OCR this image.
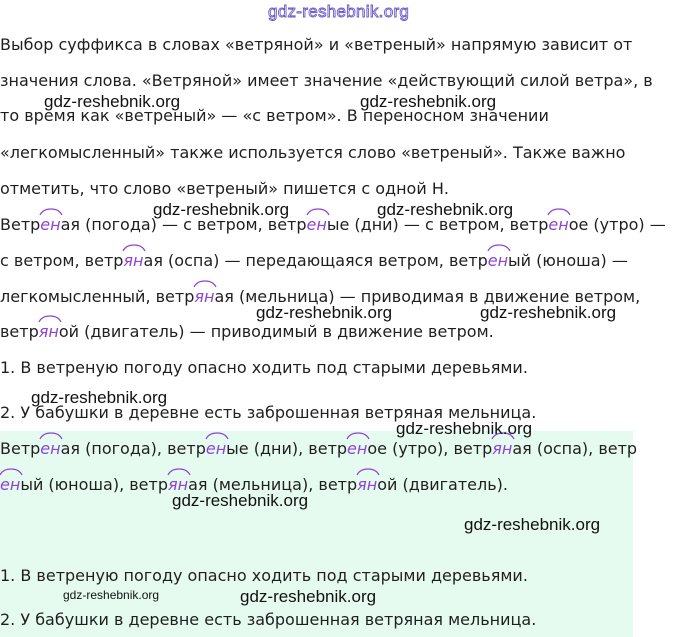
gdz-reshebnik.org
Выбор суффикса в словах «ветряной» и «ветреный» напрямую зависит от
значения слова. «Ветряной» имеет значение «действующий силой ветра», в
то время как «ветреный» — «с ветром». В переносном значении
«легкомысленный» также используется слово «ветреный». Также важно
отметить, что слово «ветреный» пишется с одной Н.
Ветрен
ая (погода) — с ветром, ветрен
ые (дни) — с ветром, ветрен
ое (утро) —
с ветром, ветрян
ая (оспа) — передающаяся ветром, ветрен
ый (юноша) —
легкомысленный, ветрян
ая (мельница) — приводимая в движение ветром,
ветрян
ой (двигатель) — приводимый в движение ветром.
1. В ветреную погоду опасно ходить под старыми деревьями.
2. У бабушки в деревне есть заброшенная ветряная мельница.
Ветрен
ая (погода), ветрен
ые (дни), ветрен
ое (утро), ветрян
ая (оспа), ветр
ен
ый (юноша), ветрян
ая (мельница), ветрян
ой (двигатель).
1. В ветреную погоду опасно ходить под старыми деревьями.
2. У бабушки в деревне есть заброшенная ветряная мельница.
gdz-reshebnik.org	gdz-reshebnik.org
gdz-reshebnik.org	gdz-reshebnik.org
gdz-reshebnik.org	gdz-reshebnik.org
gdz-reshebnik.org
gdz-reshebnik.org
gdz-reshebnik.org
gdz-reshebnik.org
gdz-reshebnik.org	gdz-reshebnik.org
